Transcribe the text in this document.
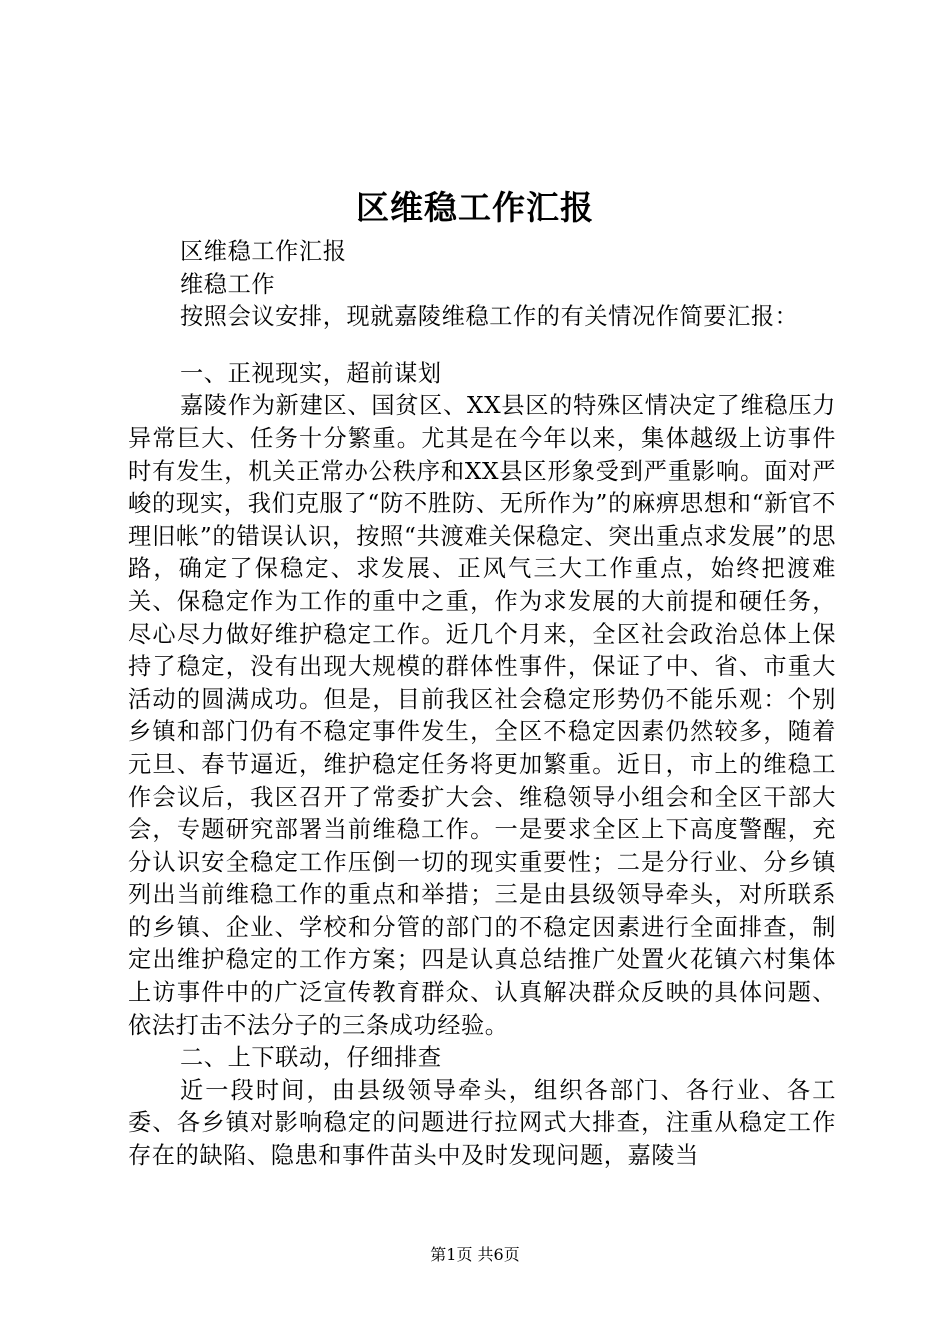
区维稳工作汇报

区维稳工作汇报

维稳工作

按照会议安排，现就嘉陵维稳工作的有关情况作简要汇报：

一、正视现实，超前谋划

嘉陵作为新建区、国贫区、XX县区的特殊区情决定了维稳压力异常巨大、任务十分繁重。尤其是在今年以来，集体越级上访事件时有发生，机关正常办公秩序和XX县区形象受到严重影响。面对严峻的现实，我们克服了“防不胜防、无所作为”的麻痹思想和“新官不理旧帐”的错误认识，按照“共渡难关保稳定、突出重点求发展”的思路，确定了保稳定、求发展、正风气三大工作重点，始终把渡难关、保稳定作为工作的重中之重，作为求发展的大前提和硬任务，尽心尽力做好维护稳定工作。近几个月来，全区社会政治总体上保持了稳定，没有出现大规模的群体性事件，保证了中、省、市重大活动的圆满成功。但是，目前我区社会稳定形势仍不能乐观：个别乡镇和部门仍有不稳定事件发生，全区不稳定因素仍然较多，随着元旦、春节逼近，维护稳定任务将更加繁重。近日，市上的维稳工作会议后，我区召开了常委扩大会、维稳领导小组会和全区干部大会，专题研究部署当前维稳工作。一是要求全区上下高度警醒，充分认识安全稳定工作压倒一切的现实重要性；二是分行业、分乡镇列出当前维稳工作的重点和举措；三是由县级领导牵头，对所联系的乡镇、企业、学校和分管的部门的不稳定因素进行全面排查，制定出维护稳定的工作方案；四是认真总结推广处置火花镇六村集体上访事件中的广泛宣传教育群众、认真解决群众反映的具体问题、依法打击不法分子的三条成功经验。

二、上下联动，仔细排查

近一段时间，由县级领导牵头，组织各部门、各行业、各工委、各乡镇对影响稳定的问题进行拉网式大排查，注重从稳定工作存在的缺陷、隐患和事件苗头中及时发现问题，嘉陵当

第1页 共6页
